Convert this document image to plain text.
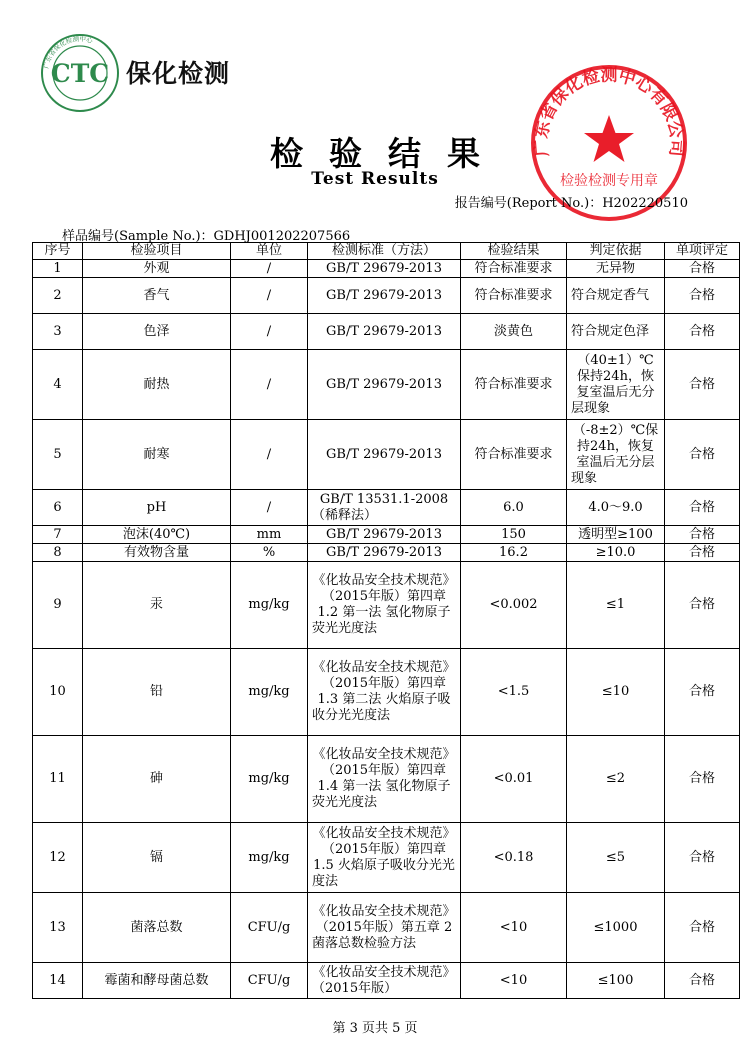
广东省保化检测中心
CTC 保化检测
检验结果
Test Results
广东省保化检测中心有限公司
检验检测专用章
报告编号(Report No.)：H202220510
样品编号(Sample No.)：GDHJ001202207566
序号	检验项目	单位	检测标准（方法）	检验结果	判定依据	单项评定
1	外观	/	GB/T 29679-2013	符合标准要求	无异物	合格
2	香气	/	GB/T 29679-2013	符合标准要求	符合规定香气	合格
3	色泽	/	GB/T 29679-2013	淡黄色	符合规定色泽	合格
4	耐热	/	GB/T 29679-2013	符合标准要求	（40±1）℃保持24h，恢复室温后无分层现象	合格
5	耐寒	/	GB/T 29679-2013	符合标准要求	（-8±2）℃保持24h，恢复室温后无分层现象	合格
6	pH	/	GB/T 13531.1-2008（稀释法）	6.0	4.0～9.0	合格
7	泡沫(40℃)	mm	GB/T 29679-2013	150	透明型≥100	合格
8	有效物含量	%	GB/T 29679-2013	16.2	≥10.0	合格
9	汞	mg/kg	《化妆品安全技术规范》（2015年版）第四章 1.2 第一法 氢化物原子荧光光度法	<0.002	≤1	合格
10	铅	mg/kg	《化妆品安全技术规范》（2015年版）第四章 1.3 第二法 火焰原子吸收分光光度法	<1.5	≤10	合格
11	砷	mg/kg	《化妆品安全技术规范》（2015年版）第四章 1.4 第一法 氢化物原子荧光光度法	<0.01	≤2	合格
12	镉	mg/kg	《化妆品安全技术规范》（2015年版）第四章 1.5 火焰原子吸收分光光度法	<0.18	≤5	合格
13	菌落总数	CFU/g	《化妆品安全技术规范》（2015年版）第五章 2 菌落总数检验方法	<10	≤1000	合格
14	霉菌和酵母菌总数	CFU/g	《化妆品安全技术规范》（2015年版）	<10	≤100	合格
第 3 页共 5 页
